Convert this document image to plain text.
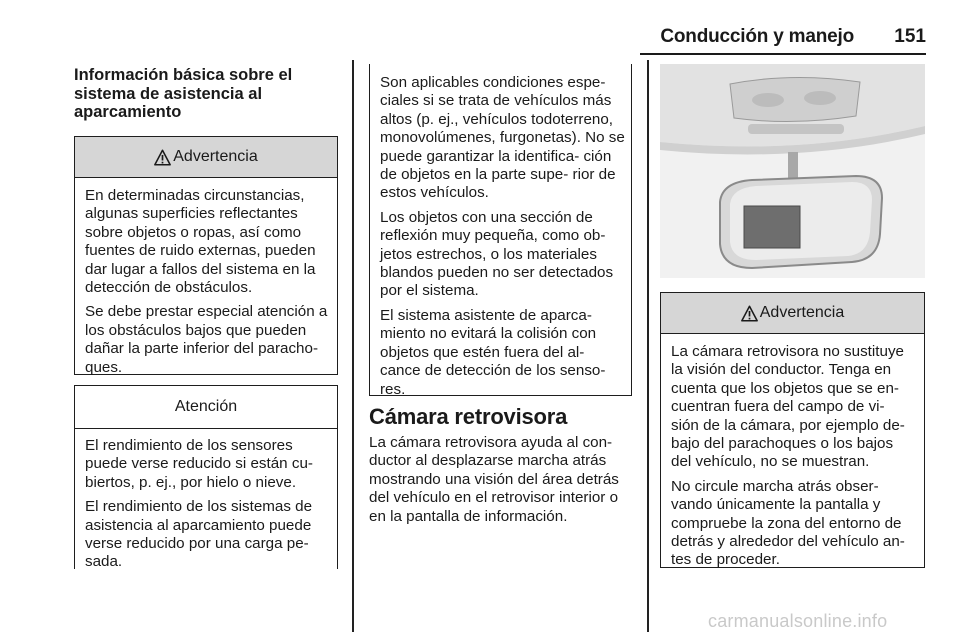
Conducción y manejo 151

Información básica sobre el sistema de asistencia al aparcamiento

Advertencia

En determinadas circunstancias, algunas superficies reflectantes sobre objetos o ropas, así como fuentes de ruido externas, pueden dar lugar a fallos del sistema en la detección de obstáculos.

Se debe prestar especial atención a los obstáculos bajos que pueden dañar la parte inferior del paracho- ques.

Atención

El rendimiento de los sensores puede verse reducido si están cu- biertos, p. ej., por hielo o nieve.

El rendimiento de los sistemas de asistencia al aparcamiento puede verse reducido por una carga pe- sada.

Son aplicables condiciones espe- ciales si se trata de vehículos más altos (p. ej., vehículos todoterreno, monovolúmenes, furgonetas). No se puede garantizar la identifica- ción de objetos en la parte supe- rior de estos vehículos.

Los objetos con una sección de reflexión muy pequeña, como ob- jetos estrechos, o los materiales blandos pueden no ser detectados por el sistema.

El sistema asistente de aparca- miento no evitará la colisión con objetos que estén fuera del al- cance de detección de los senso- res.

Cámara retrovisora

La cámara retrovisora ayuda al con- ductor al desplazarse marcha atrás mostrando una visión del área detrás del vehículo en el retrovisor interior o en la pantalla de información.

Advertencia

La cámara retrovisora no sustituye la visión del conductor. Tenga en cuenta que los objetos que se en- cuentran fuera del campo de vi- sión de la cámara, por ejemplo de- bajo del parachoques o los bajos del vehículo, no se muestran.

No circule marcha atrás obser- vando únicamente la pantalla y compruebe la zona del entorno de detrás y alrededor del vehículo an- tes de proceder.

carmanualsonline.info
